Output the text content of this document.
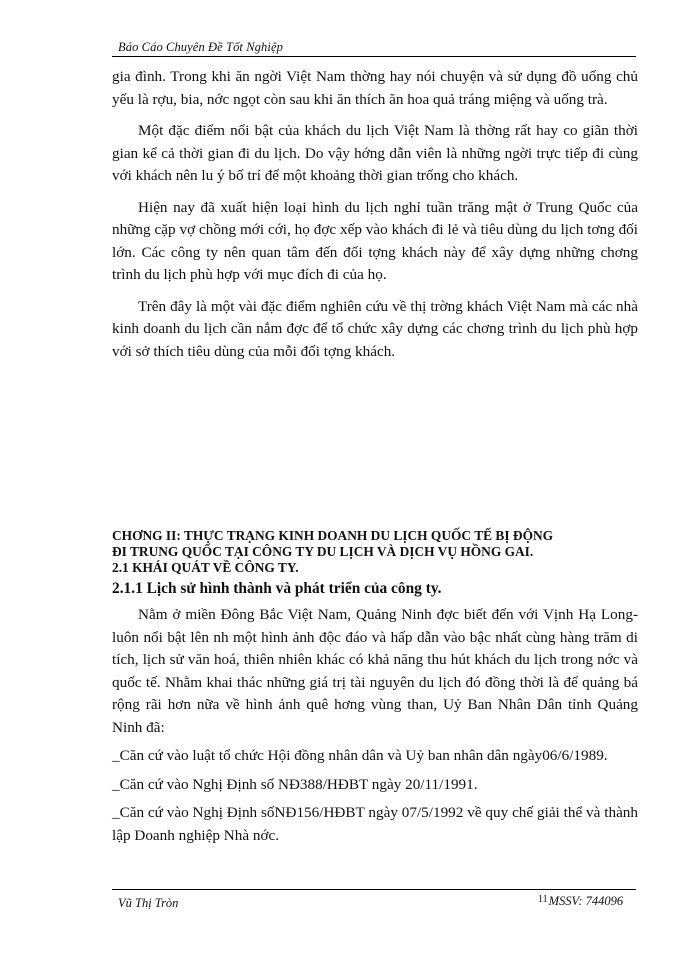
Báo Cáo Chuyên Đề Tốt Nghiệp

gia đình. Trong khi ăn ngời Việt Nam thờng hay nói chuyện và sử dụng đồ uống chủ yếu là rợu, bia, nớc ngọt còn sau khi ăn thích ăn hoa quả tráng miệng và uống trà.

Một đặc điểm nổi bật của khách du lịch Việt Nam là thờng rất hay co giãn thời gian kể cả thời gian đi du lịch. Do vậy hớng dẫn viên là những ngời trực tiếp đi cùng với khách nên lu ý bố trí để một khoảng thời gian trống cho khách.

Hiện nay đã xuất hiện loại hình du lịch nghỉ tuần trăng mật ở Trung Quốc của những cặp vợ chồng mới cới, họ đợc xếp vào khách đi lẻ và tiêu dùng du lịch tơng đối lớn. Các công ty nên quan tâm đến đối tợng khách này để xây dựng những chơng trình du lịch phù hợp với mục đích đi của họ.

Trên đây là một vài đặc điểm nghiên cứu về thị trờng khách Việt Nam mà các nhà kinh doanh du lịch cần nắm đợc để tổ chức xây dựng các chơng trình du lịch phù hợp với sở thích tiêu dùng của mỗi đối tợng khách.

CHƠNG II: THỰC TRẠNG KINH DOANH DU LỊCH QUỐC TẾ BỊ ĐỘNG
ĐI TRUNG QUỐC TẠI CÔNG TY DU LỊCH VÀ DỊCH VỤ HỒNG GAI.
2.1 KHÁI QUÁT VỀ CÔNG TY.
2.1.1 Lịch sử hình thành và phát triển của công ty.

Nằm ở miền Đông Bắc Việt Nam, Quảng Ninh đợc biết đến với Vịnh Hạ Long- luôn nổi bật lên nh một hình ảnh độc đáo và hấp dẫn vào bậc nhất cùng hàng trăm di tích, lịch sử văn hoá, thiên nhiên khác có khả năng thu hút khách du lịch trong nớc và quốc tế. Nhằm khai thác những giá trị tài nguyên du lịch đó đồng thời là để quảng bá rộng rãi hơn nữa về hình ảnh quê hơng vùng than, Uỷ Ban Nhân Dân tỉnh Quảng Ninh đã:

_Căn cứ vào luật tổ chức Hội đồng nhân dân và Uỷ ban nhân dân ngày06/6/1989.

_Căn cứ vào Nghị Định số NĐ388/HĐBT ngày 20/11/1991.

_Căn cứ vào Nghị Định sốNĐ156/HĐBT ngày 07/5/1992 về quy chế giải thể và thành lập Doanh nghiệp Nhà nớc.

Vũ Thị Tròn	$^{11}$MSSV: 744096
